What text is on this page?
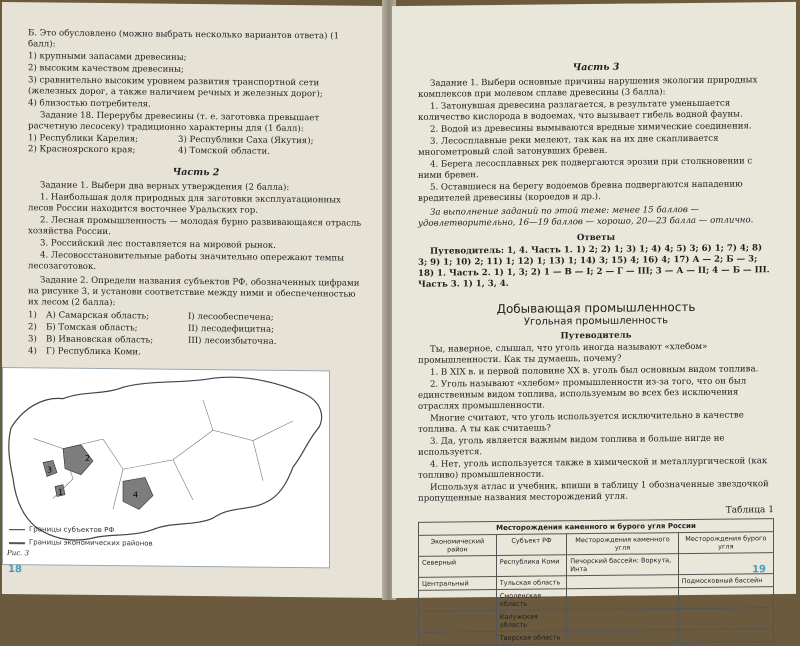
Б. Это обусловлено (можно выбрать несколько вариантов ответа) (1 балл):

1) крупными запасами древесины;

2) высоким качеством древесины;

3) сравнительно высоким уровнем развития транспортной сети (железных дорог, а также наличием речных и железных дорог);

4) близостью потребителя.

Задание 18. Перерубы древесины (т. е. заготовка превышает расчетную лесосеку) традиционно характерны для (1 балл):

1) Республики Карелия;	3) Республики Саха (Якутия);
2) Красноярского края;	4) Томской области.
Часть 2

Задание 1. Выбери два верных утверждения (2 балла):

1. Наибольшая доля природных для заготовки эксплуатационных лесов России находится восточнее Уральских гор.

2. Лесная промышленность — молодая бурно развивающаяся отрасль хозяйства России.

3. Российский лес поставляется на мировой рынок.

4. Лесовосстановительные работы значительно опережают темпы лесозаготовок.

Задание 2. Определи названия субъектов РФ, обозначенных цифрами на рисунке 3, и установи соответствие между ними и обеспеченностью их лесом (2 балла):

1)	А) Самарская область;	I) лесообеспечена;
2)	Б) Томская область;	II) лесодефицитна;
3)	В) Ивановская область;	III) лесоизбыточна.
4)	Г) Республика Коми.
2
3
1	4
Границы субъектов РФ
Границы экономических районов
Рис. 3
18
Часть 3

Задание 1. Выбери основные причины нарушения экологии природных комплексов при молевом сплаве древесины (3 балла):

1. Затонувшая древесина разлагается, в результате уменьшается количество кислорода в водоемах, что вызывает гибель водной фауны.

2. Водой из древесины вымываются вредные химические соединения.

3. Лесосплавные реки мелеют, так как на их дне скапливается многометровый слой затонувших бревен.

4. Берега лесосплавных рек подвергаются эрозии при столкновении с ними бревен.

5. Оставшиеся на берегу водоемов бревна подвергаются нападению вредителей древесины (короедов и др.).

За выполнение заданий по этой теме: менее 15 баллов — удовлетворительно, 16—19 баллов — хорошо, 20—23 балла — отлично.

Ответы

Путеводитель: 1, 4. Часть 1. 1) 2; 2) 1; 3) 1; 4) 4; 5) 3; 6) 1; 7) 4; 8) 3; 9) 1; 10) 2; 11) 1; 12) 1; 13) 1; 14) 3; 15) 4; 16) 4; 17) А — 2; Б — 3; 18) 1. Часть 2. 1) 1, 3; 2) 1 — В — I; 2 — Г — III; 3 — А — II; 4 — Б — III. Часть 3. 1) 1, 3, 4.

Добывающая промышленность
Угольная промышленность

Путеводитель

Ты, наверное, слышал, что уголь иногда называют «хлебом» промышленности. Как ты думаешь, почему?

1. В XIX в. и первой половине XX в. уголь был основным видом топлива.

2. Уголь называют «хлебом» промышленности из-за того, что он был единственным видом топлива, используемым во всех без исключения отраслях промышленности.

Многие считают, что уголь используется исключительно в качестве топлива. А ты как считаешь?

3. Да, уголь является важным видом топлива и больше нигде не используется.

4. Нет, уголь используется также в химической и металлургической (как топливо) промышленности.

Используя атлас и учебник, впиши в таблицу 1 обозначенные звездочкой пропущенные названия месторождений угля.

Таблица 1
Месторождения каменного и бурого угля России			
Экономический район	Субъект РФ	Месторождения каменного угля	Месторождения бурого угля
Северный	Республика Коми	Печорский бассейн: Воркута, Инта	
Центральный	Тульская область		Подмосковный бассейн
	Смоленская область		
	Калужская область		
	Тверская область		
19
